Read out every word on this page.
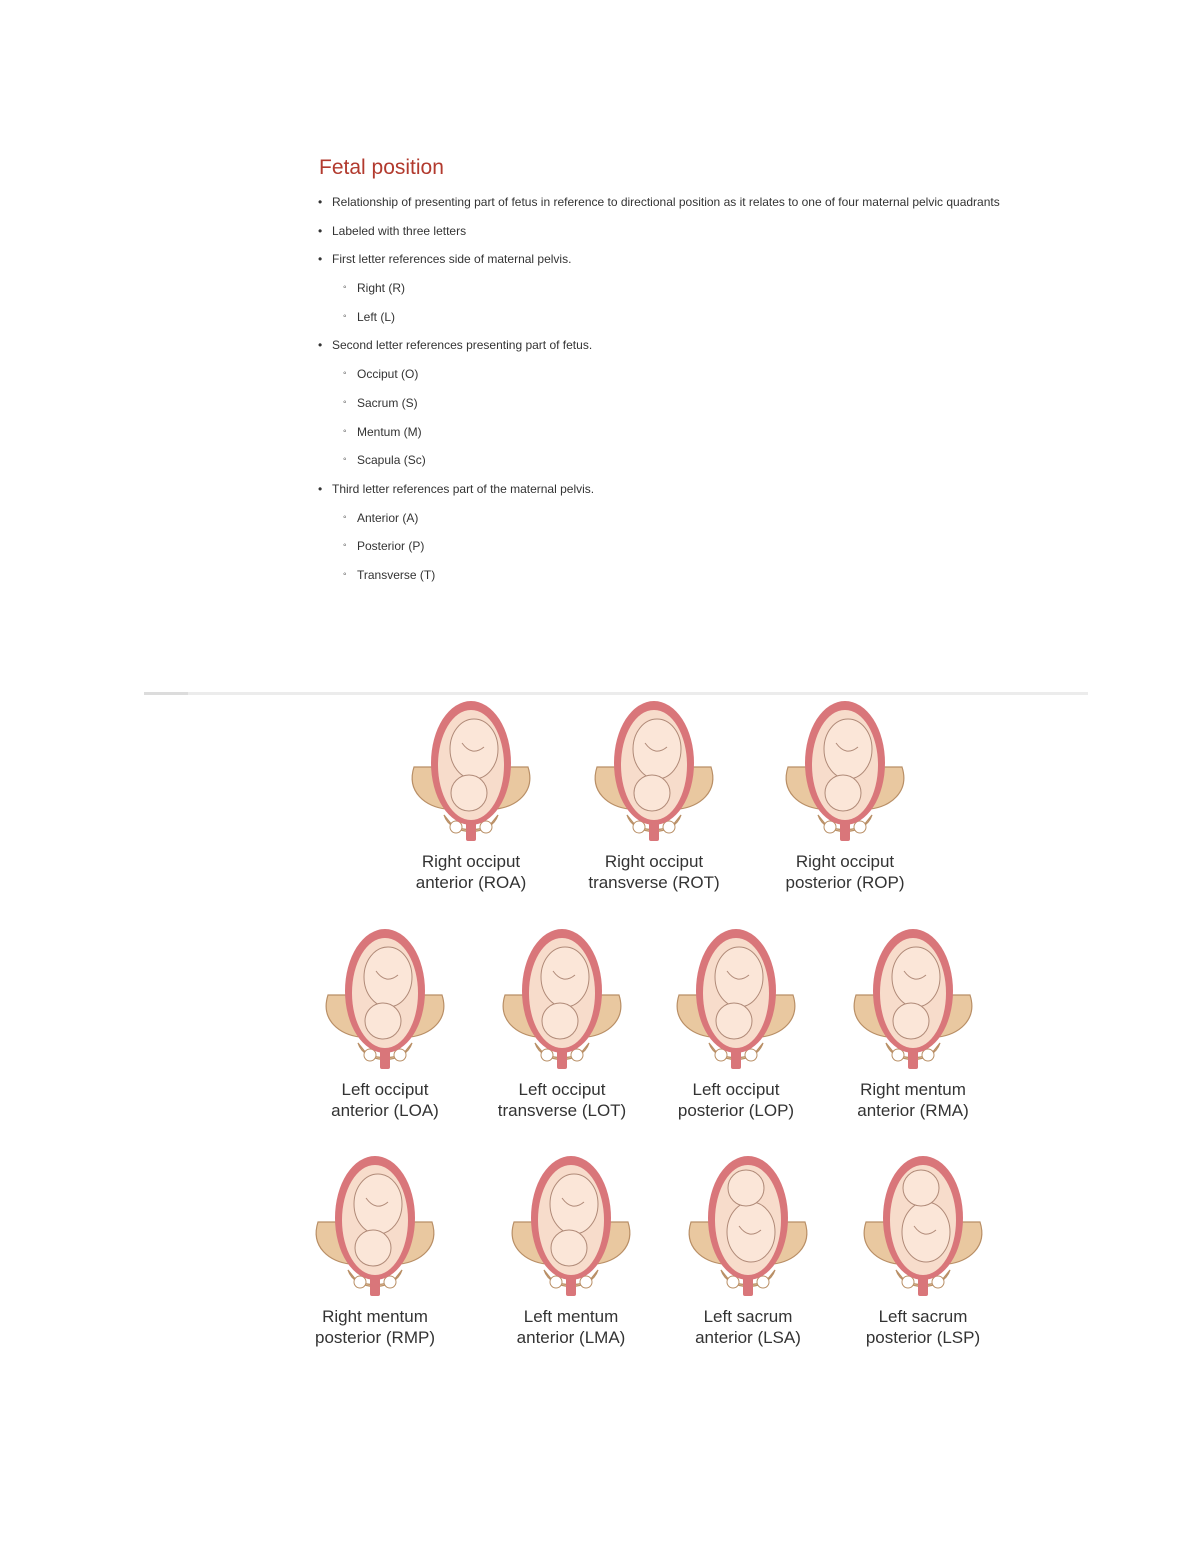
Fetal position
• Relationship of presenting part of fetus in reference to directional position as it relates to one of four maternal pelvic quadrants
• Labeled with three letters
• First letter references side of maternal pelvis.
◦ Right (R)
◦ Left (L)
• Second letter references presenting part of fetus.
◦ Occiput (O)
◦ Sacrum (S)
◦ Mentum (M)
◦ Scapula (Sc)
• Third letter references part of the maternal pelvis.
◦ Anterior (A)
◦ Posterior (P)
◦ Transverse (T)
Right occiput
anterior (ROA)
Right occiput
transverse (ROT)
Right occiput
posterior (ROP)
Left occiput
anterior (LOA)
Left occiput
transverse (LOT)
Left occiput
posterior (LOP)
Right mentum
anterior (RMA)
Right mentum
posterior (RMP)
Left mentum
anterior (LMA)
Left sacrum
anterior (LSA)
Left sacrum
posterior (LSP)
